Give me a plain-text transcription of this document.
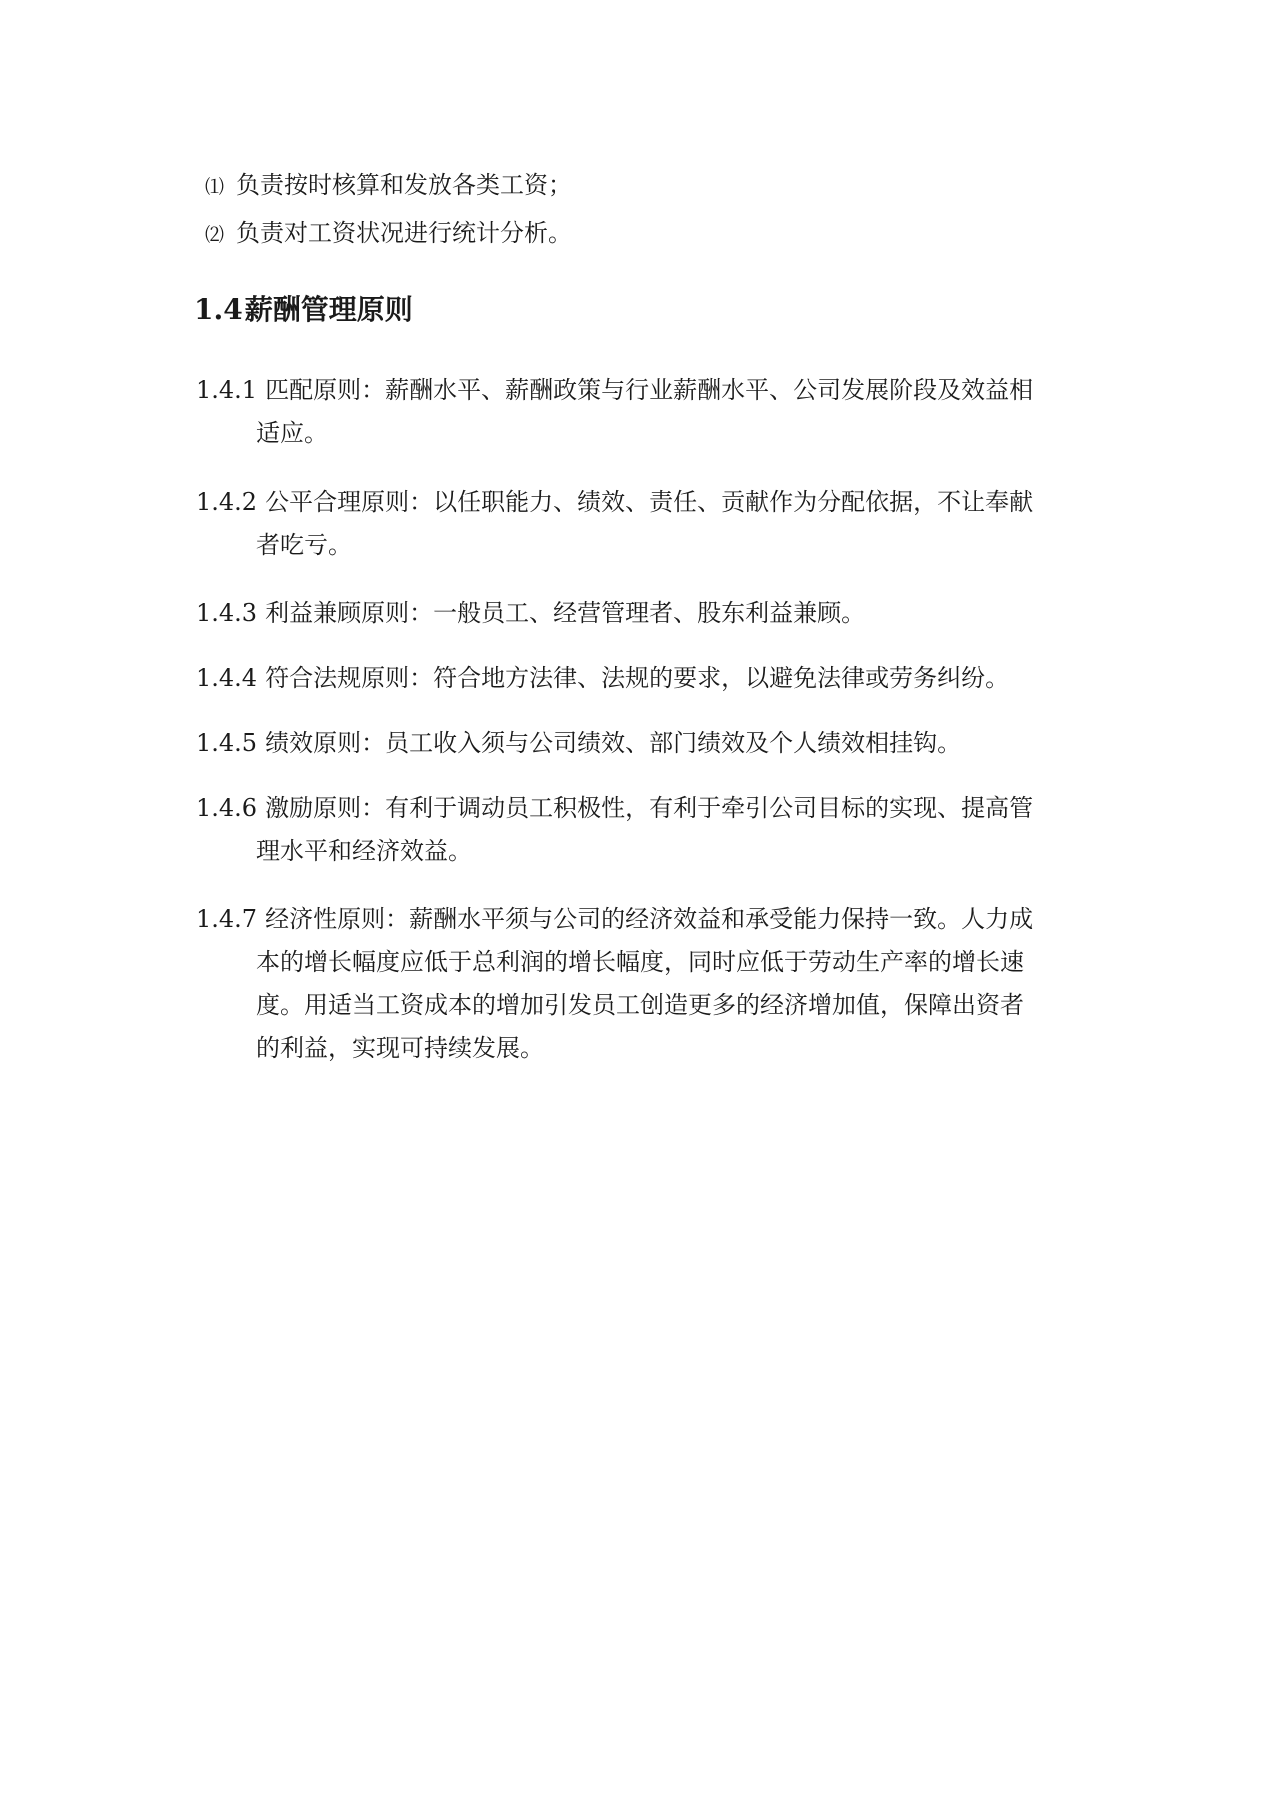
⑴ 负责按时核算和发放各类工资；
⑵ 负责对工资状况进行统计分析。
1.4薪酬管理原则
1.4.1 匹配原则：薪酬水平、薪酬政策与行业薪酬水平、公司发展阶段及效益相
适应。
1.4.2 公平合理原则：以任职能力、绩效、责任、贡献作为分配依据，不让奉献
者吃亏。
1.4.3 利益兼顾原则：一般员工、经营管理者、股东利益兼顾。
1.4.4 符合法规原则：符合地方法律、法规的要求，以避免法律或劳务纠纷。
1.4.5 绩效原则：员工收入须与公司绩效、部门绩效及个人绩效相挂钩。
1.4.6 激励原则：有利于调动员工积极性，有利于牵引公司目标的实现、提高管
理水平和经济效益。
1.4.7 经济性原则：薪酬水平须与公司的经济效益和承受能力保持一致。人力成
本的增长幅度应低于总利润的增长幅度，同时应低于劳动生产率的增长速
度。用适当工资成本的增加引发员工创造更多的经济增加值，保障出资者
的利益，实现可持续发展。
